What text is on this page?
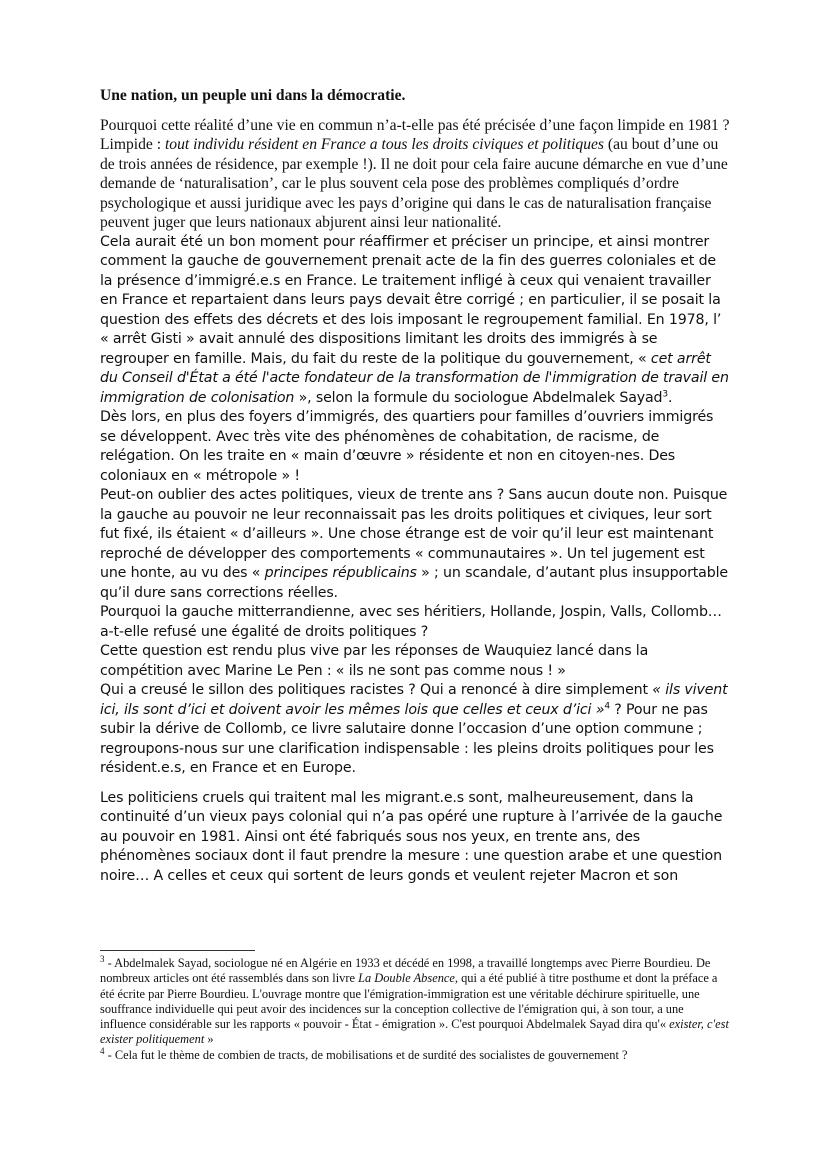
Une nation, un peuple uni dans la démocratie.

Pourquoi cette réalité d’une vie en commun n’a-t-elle pas été précisée d’une façon limpide en 1981 ? Limpide : tout individu résident en France a tous les droits civiques et politiques (au bout d’une ou de trois années de résidence, par exemple !). Il ne doit pour cela faire aucune démarche en vue d’une demande de ‘naturalisation’, car le plus souvent cela pose des problèmes compliqués d’ordre psychologique et aussi juridique avec les pays d’origine qui dans le cas de naturalisation française peuvent juger que leurs nationaux abjurent ainsi leur nationalité.

Cela aurait été un bon moment pour réaffirmer et préciser un principe, et ainsi montrer comment la gauche de gouvernement prenait acte de la fin des guerres coloniales et de la présence d’immigré.e.s en France. Le traitement infligé à ceux qui venaient travailler en France et repartaient dans leurs pays devait être corrigé ; en particulier, il se posait la question des effets des décrets et des lois imposant le regroupement familial. En 1978, l’ « arrêt Gisti » avait annulé des dispositions limitant les droits des immigrés à se regrouper en famille. Mais, du fait du reste de la politique du gouvernement, « cet arrêt du Conseil d'État a été l'acte fondateur de la transformation de l'immigration de travail en immigration de colonisation », selon la formule du sociologue Abdelmalek Sayad$^3$.

Dès lors, en plus des foyers d’immigrés, des quartiers pour familles d’ouvriers immigrés se développent. Avec très vite des phénomènes de cohabitation, de racisme, de relégation. On les traite en « main d’œuvre » résidente et non en citoyen-nes. Des coloniaux en « métropole » !

Peut-on oublier des actes politiques, vieux de trente ans ? Sans aucun doute non. Puisque la gauche au pouvoir ne leur reconnaissait pas les droits politiques et civiques, leur sort fut fixé, ils étaient « d’ailleurs ». Une chose étrange est de voir qu’il leur est maintenant reproché de développer des comportements « communautaires ». Un tel jugement est une honte, au vu des « principes républicains » ; un scandale, d’autant plus insupportable qu’il dure sans corrections réelles.

Pourquoi la gauche mitterrandienne, avec ses héritiers, Hollande, Jospin, Valls, Collomb… a-t-elle refusé une égalité de droits politiques ?

Cette question est rendu plus vive par les réponses de Wauquiez lancé dans la compétition avec Marine Le Pen : « ils ne sont pas comme nous ! »

Qui a creusé le sillon des politiques racistes ? Qui a renoncé à dire simplement « ils vivent ici, ils sont d’ici et doivent avoir les mêmes lois que celles et ceux d’ici »$^4$ ? Pour ne pas subir la dérive de Collomb, ce livre salutaire donne l’occasion d’une option commune ; regroupons-nous sur une clarification indispensable : les pleins droits politiques pour les résident.e.s, en France et en Europe.

Les politiciens cruels qui traitent mal les migrant.e.s sont, malheureusement, dans la continuité d’un vieux pays colonial qui n’a pas opéré une rupture à l’arrivée de la gauche au pouvoir en 1981. Ainsi ont été fabriqués sous nos yeux, en trente ans, des phénomènes sociaux dont il faut prendre la mesure : une question arabe et une question noire… A celles et ceux qui sortent de leurs gonds et veulent rejeter Macron et son

$^3$ - Abdelmalek Sayad, sociologue né en Algérie en 1933 et décédé en 1998, a travaillé longtemps avec Pierre Bourdieu. De nombreux articles ont été rassemblés dans son livre La Double Absence, qui a été publié à titre posthume et dont la préface a été écrite par Pierre Bourdieu. L'ouvrage montre que l'émigration-immigration est une véritable déchirure spirituelle, une souffrance individuelle qui peut avoir des incidences sur la conception collective de l'émigration qui, à son tour, a une influence considérable sur les rapports « pouvoir - État - émigration ». C'est pourquoi Abdelmalek Sayad dira qu'« exister, c'est exister politiquement »

$^4$ - Cela fut le thème de combien de tracts, de mobilisations et de surdité des socialistes de gouvernement ?
